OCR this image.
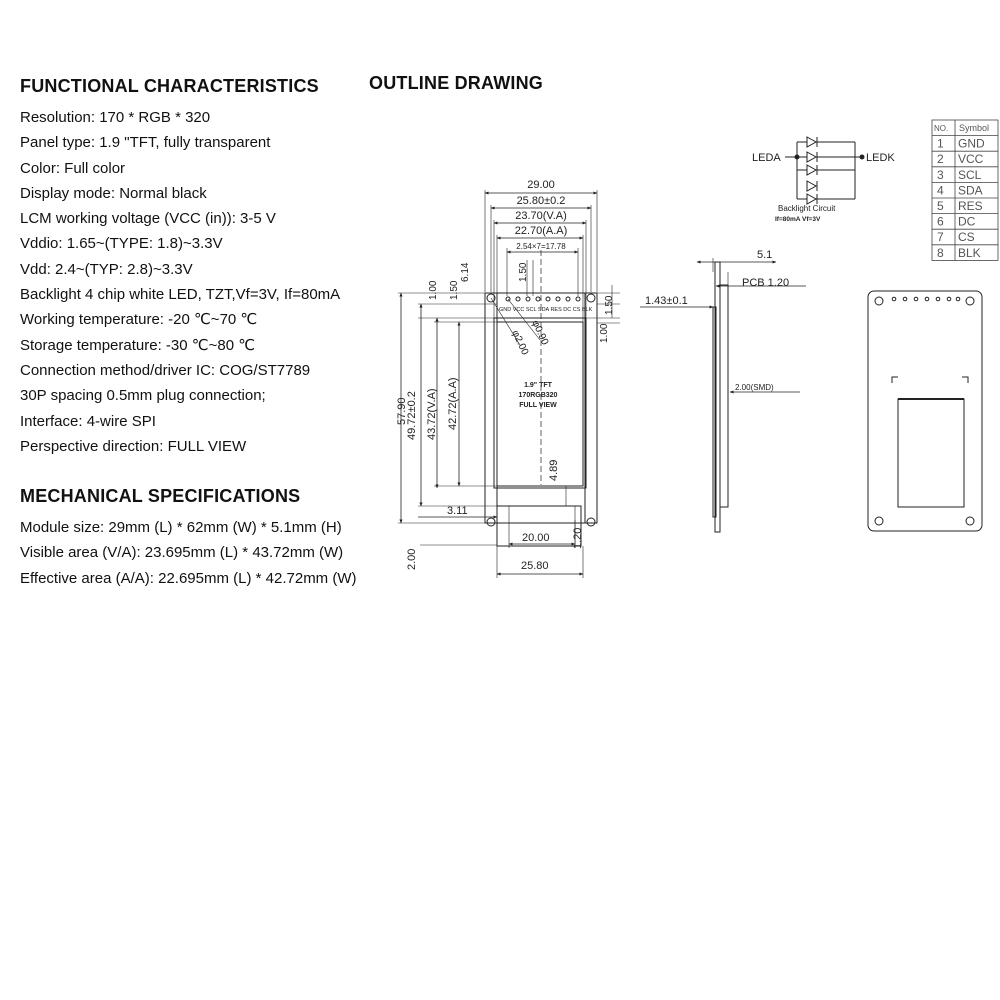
FUNCTIONAL CHARACTERISTICS
Resolution: 170 * RGB * 320
Panel type: 1.9 "TFT, fully transparent
Color: Full color
Display mode: Normal black
LCM working voltage (VCC (in)): 3-5 V
Vddio: 1.65~(TYPE: 1.8)~3.3V
Vdd: 2.4~(TYP: 2.8)~3.3V
Backlight 4 chip white LED, TZT,Vf=3V, If=80mA
Working temperature: -20 ℃~70 ℃
Storage temperature: -30 ℃~80 ℃
Connection method/driver IC: COG/ST7789
30P spacing 0.5mm plug connection;
Interface: 4-wire SPI
Perspective direction: FULL VIEW
MECHANICAL SPECIFICATIONS
Module size: 29mm (L) * 62mm (W) * 5.1mm (H)
Visible area (V/A): 23.695mm (L) * 43.72mm (W)
Effective area (A/A): 22.695mm (L) * 42.72mm (W)
OUTLINE DRAWING
29.00
25.80±0.2
23.70(V.A)
22.70(A.A)
2.54×7=17.78
1.50
6.14
1.00 1.50
1.50
1.00
φ2.00 φ0.90
57.90
49.72±0.2 43.72(V.A) 42.72(A.A)
4.89
3.11
20.00 1.20
2.00	25.80
GND VCC SCL SDA RES DC CS BLK
1.9" TFT
170RGB320
FULL VIEW
5.1
PCB 1.20
1.43±0.1
2.00(SMD)
LEDA	LEDK
Backlight Circuit
If=80mA Vf=3V
NO. Symbol
1 GND
2 VCC
3 SCL
4 SDA
5 RES
6 DC
7 CS
8 BLK
